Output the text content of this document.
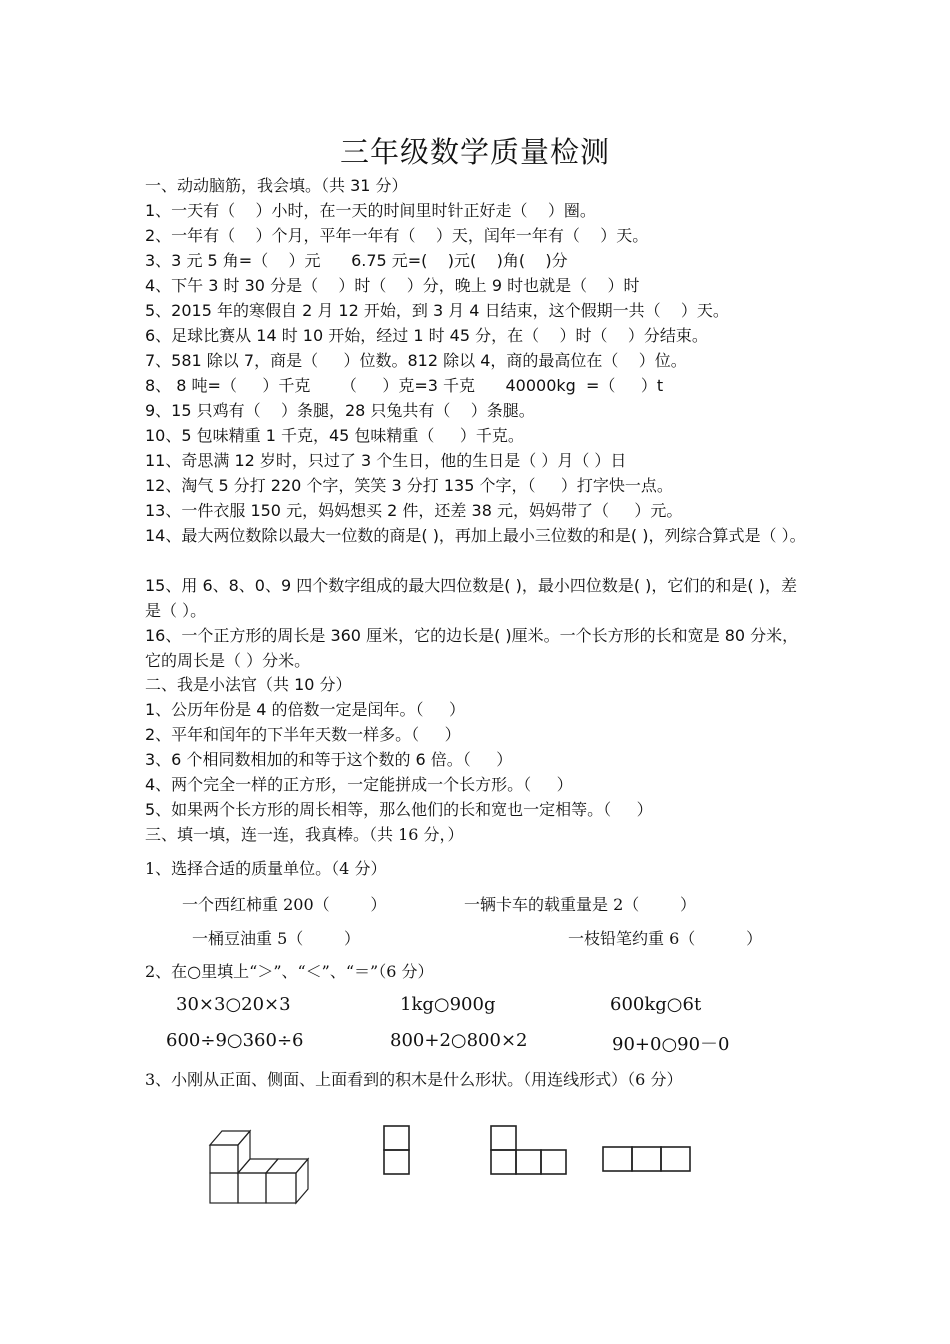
三年级数学质量检测
一、动动脑筋，我会填。（共 31 分）
1、一天有（    ）小时，在一天的时间里时针正好走（    ）圈。
2、一年有（    ）个月，平年一年有（    ）天，闰年一年有（    ）天。
3、3 元 5 角=（    ）元      6.75 元=(    )元(    )角(    )分
4、下午 3 时 30 分是（    ）时（    ）分，晚上 9 时也就是（    ）时
5、2015 年的寒假自 2 月 12 开始，到 3 月 4 日结束，这个假期一共（    ）天。
6、足球比赛从 14 时 10 开始，经过 1 时 45 分，在（    ）时（    ）分结束。
7、581 除以 7，商是（     ）位数。812 除以 4，商的最高位在（    ）位。
8、 8 吨=（     ）千克      （     ）克=3 千克      40000kg  =（     ）t
9、15 只鸡有（    ）条腿，28 只兔共有（    ）条腿。
10、5 包味精重 1 千克，45 包味精重（     ）千克。
11、奇思满 12 岁时，只过了 3 个生日，他的生日是（ ）月（ ）日
12、淘气 5 分打 220 个字，笑笑 3 分打 135 个字，（     ）打字快一点。
13、一件衣服 150 元，妈妈想买 2 件，还差 38 元，妈妈带了（     ）元。
14、最大两位数除以最大一位数的商是( )，再加上最小三位数的和是( )，列综合算式是（ ）。
15、用 6、8、0、9 四个数字组成的最大四位数是( )，最小四位数是( )，它们的和是( )，差是（ ）。
16、一个正方形的周长是 360 厘米，它的边长是( )厘米。一个长方形的长和宽是 80 分米，它的周长是（ ）分米。
二、我是小法官（共 10 分）
1、公历年份是 4 的倍数一定是闰年。（     ）
2、平年和闰年的下半年天数一样多。（     ）
3、6 个相同数相加的和等于这个数的 6 倍。（     ）
4、两个完全一样的正方形，一定能拼成一个长方形。（     ）
5、如果两个长方形的周长相等，那么他们的长和宽也一定相等。（     ）
三、填一填，连一连，我真棒。（共 16 分，）
1、选择合适的质量单位。（4 分）
一个西红柿重 200（        ）	一辆卡车的载重量是 2（        ）
一桶豆油重 5（        ）	一枝铅笔约重 6（          ）
2、在○里填上“＞”、“＜”、“＝”（6 分）
30×3○20×3	1kg○900g	600kg○6t
600÷9○360÷6	800+2○800×2	90+0○90－0
3、小刚从正面、侧面、上面看到的积木是什么形状。（用连线形式）（6 分）
